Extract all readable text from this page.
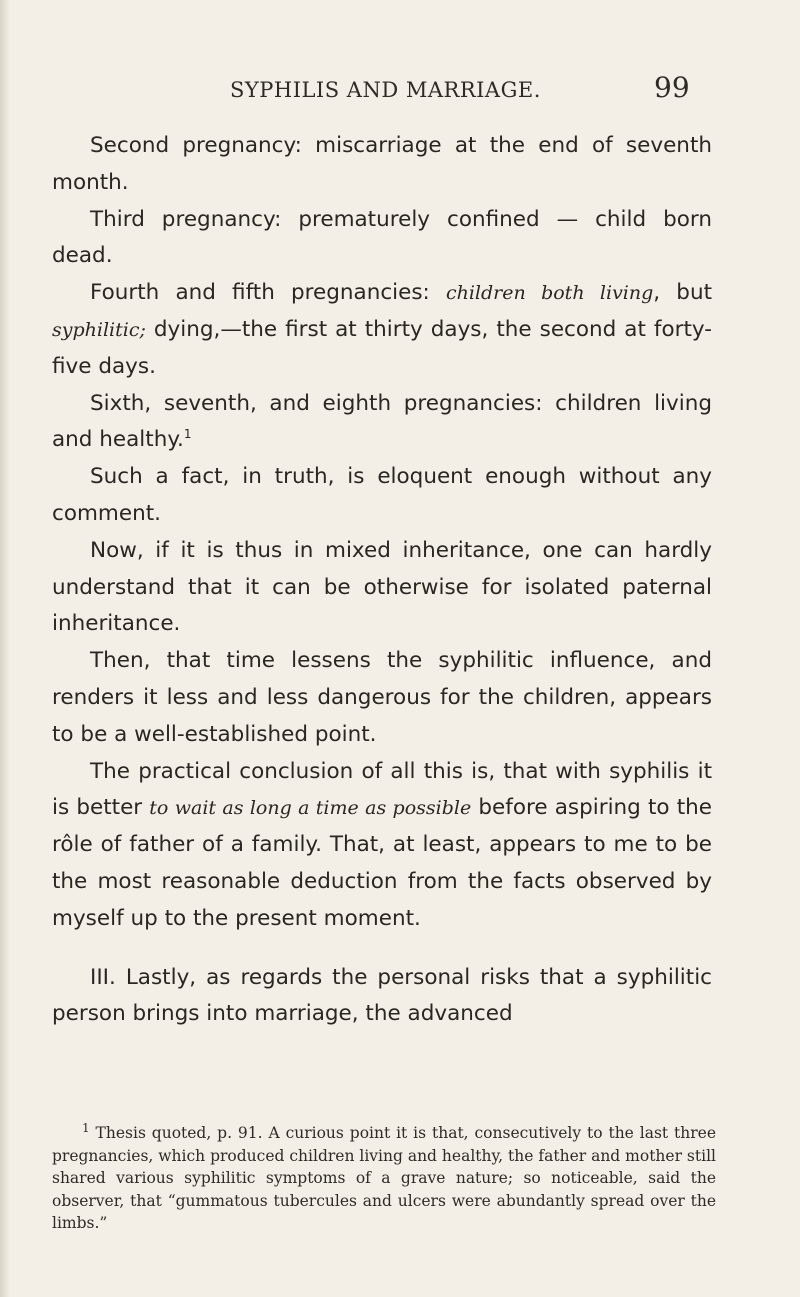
SYPHILIS AND MARRIAGE.	99

Second pregnancy: miscarriage at the end of seventh month.

Third pregnancy: prematurely confined — child born dead.

Fourth and fifth pregnancies: children both living, but syphilitic; dying,—the first at thirty days, the second at forty-five days.

Sixth, seventh, and eighth pregnancies: children living and healthy.$^1$

Such a fact, in truth, is eloquent enough without any comment.

Now, if it is thus in mixed inheritance, one can hardly understand that it can be otherwise for isolated paternal inheritance.

Then, that time lessens the syphilitic influence, and renders it less and less dangerous for the children, appears to be a well-established point.

The practical conclusion of all this is, that with syphilis it is better to wait as long a time as possible before aspiring to the rôle of father of a family. That, at least, appears to me to be the most reasonable deduction from the facts observed by myself up to the present moment.

III. Lastly, as regards the personal risks that a syphilitic person brings into marriage, the advanced

$^1$ Thesis quoted, p. 91. A curious point it is that, consecutively to the last three pregnancies, which produced children living and healthy, the father and mother still shared various syphilitic symptoms of a grave nature; so noticeable, said the observer, that “gummatous tubercules and ulcers were abundantly spread over the limbs.”
